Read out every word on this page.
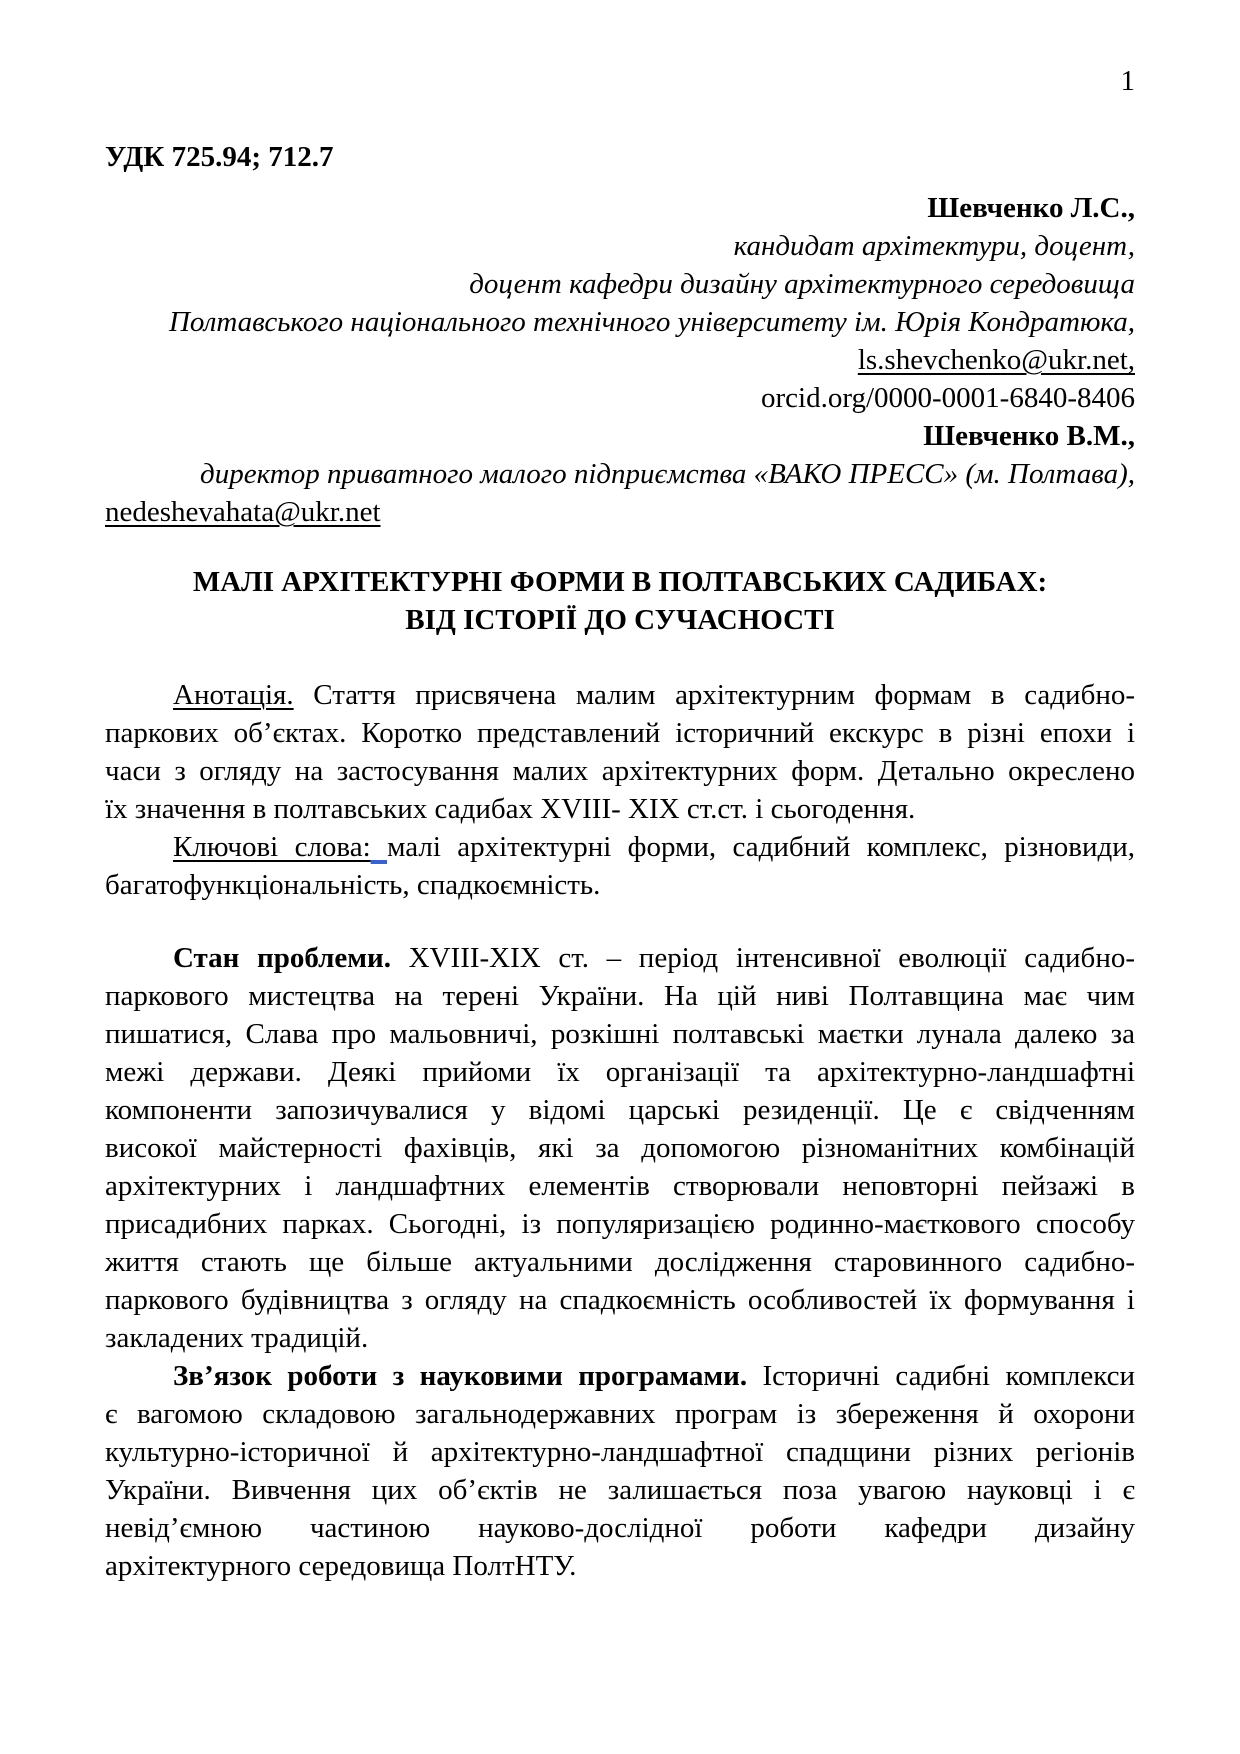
1
УДК 725.94; 712.7
Шевченко Л.С.,
кандидат архітектури, доцент,
доцент кафедри дизайну архітектурного середовища
Полтавського національного технічного університету ім. Юрія Кондратюка,
ls.shevchenko@ukr.net,
orcid.org/0000-0001-6840-8406
Шевченко В.М.,
директор приватного малого підприємства «ВАКО ПРЕСС» (м. Полтава),
nedeshevahata@ukr.net
МАЛІ АРХІТЕКТУРНІ ФОРМИ В ПОЛТАВСЬКИХ САДИБАХ:
ВІД ІСТОРІЇ ДО СУЧАСНОСТІ
Анотація. Стаття присвячена малим архітектурним формам в садибно-
паркових об’єктах. Коротко представлений історичний екскурс в різні епохи і
часи з огляду на застосування малих архітектурних форм. Детально окреслено
їх значення в полтавських садибах XVIII- XIX ст.ст. і сьогодення.
Ключові слова: малі архітектурні форми, садибний комплекс, різновиди,
багатофункціональність, спадкоємність.
Стан проблеми. XVIII-XIX ст. – період інтенсивної еволюції садибно-
паркового мистецтва на терені України. На цій ниві Полтавщина має чим
пишатися, Слава про мальовничі, розкішні полтавські маєтки лунала далеко за
межі держави. Деякі прийоми їх організації та архітектурно-ландшафтні
компоненти запозичувалися у відомі царські резиденції. Це є свідченням
високої майстерності фахівців, які за допомогою різноманітних комбінацій
архітектурних і ландшафтних елементів створювали неповторні пейзажі в
присадибних парках. Сьогодні, із популяризацією родинно-маєткового способу
життя стають ще більше актуальними дослідження старовинного садибно-
паркового будівництва з огляду на спадкоємність особливостей їх формування і
закладених традицій.
Зв’язок роботи з науковими програмами. Історичні садибні комплекси
є вагомою складовою загальнодержавних програм із збереження й охорони
культурно-історичної й архітектурно-ландшафтної спадщини різних регіонів
України. Вивчення цих об’єктів не залишається поза увагою науковці і є
невід’ємною частиною науково-дослідної роботи кафедри дизайну
архітектурного середовища ПолтНТУ.
